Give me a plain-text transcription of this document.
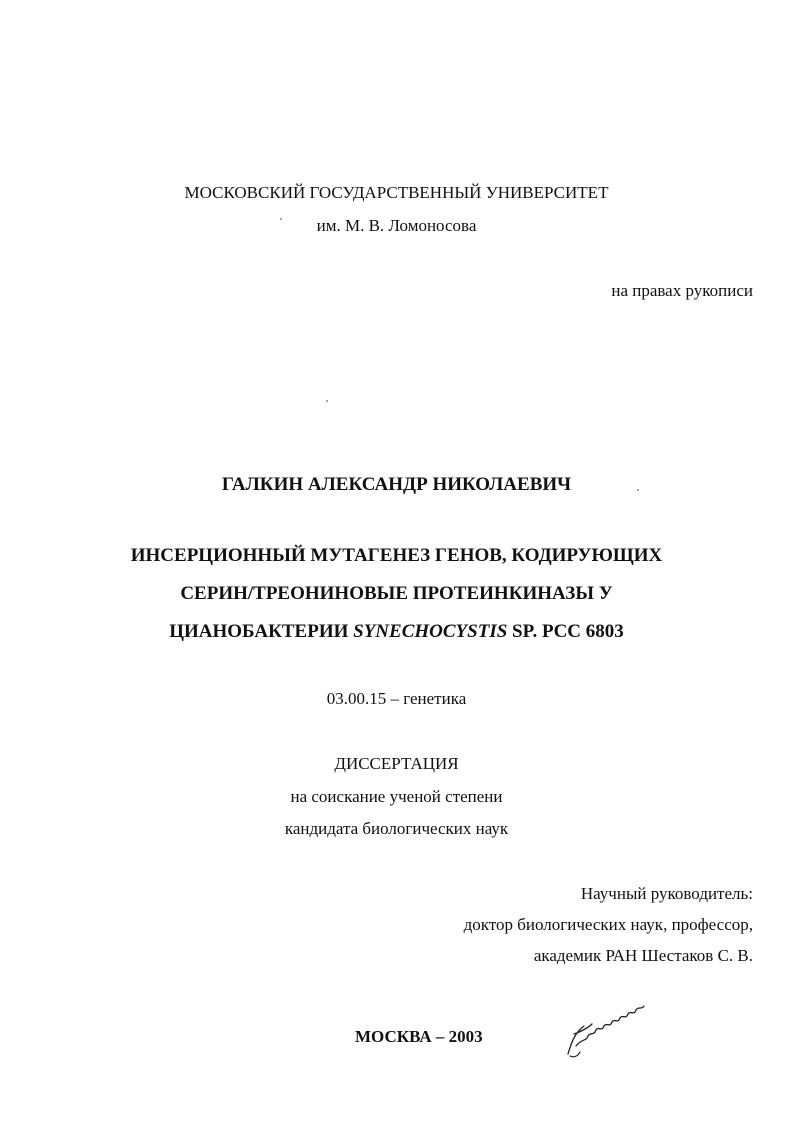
МОСКОВСКИЙ ГОСУДАРСТВЕННЫЙ УНИВЕРСИТЕТ
им. М. В. Ломоносова
на правах рукописи
ГАЛКИН АЛЕКСАНДР НИКОЛАЕВИЧ
ИНСЕРЦИОННЫЙ МУТАГЕНЕЗ ГЕНОВ, КОДИРУЮЩИХ
СЕРИН/ТРЕОНИНОВЫЕ ПРОТЕИНКИНАЗЫ У
ЦИАНОБАКТЕРИИ SYNECHOCYSTIS SP. PCC 6803
03.00.15 – генетика
ДИССЕРТАЦИЯ
на соискание ученой степени
кандидата биологических наук
Научный руководитель:
доктор биологических наук, профессор,
академик РАН Шестаков С. В.
МОСКВА – 2003
